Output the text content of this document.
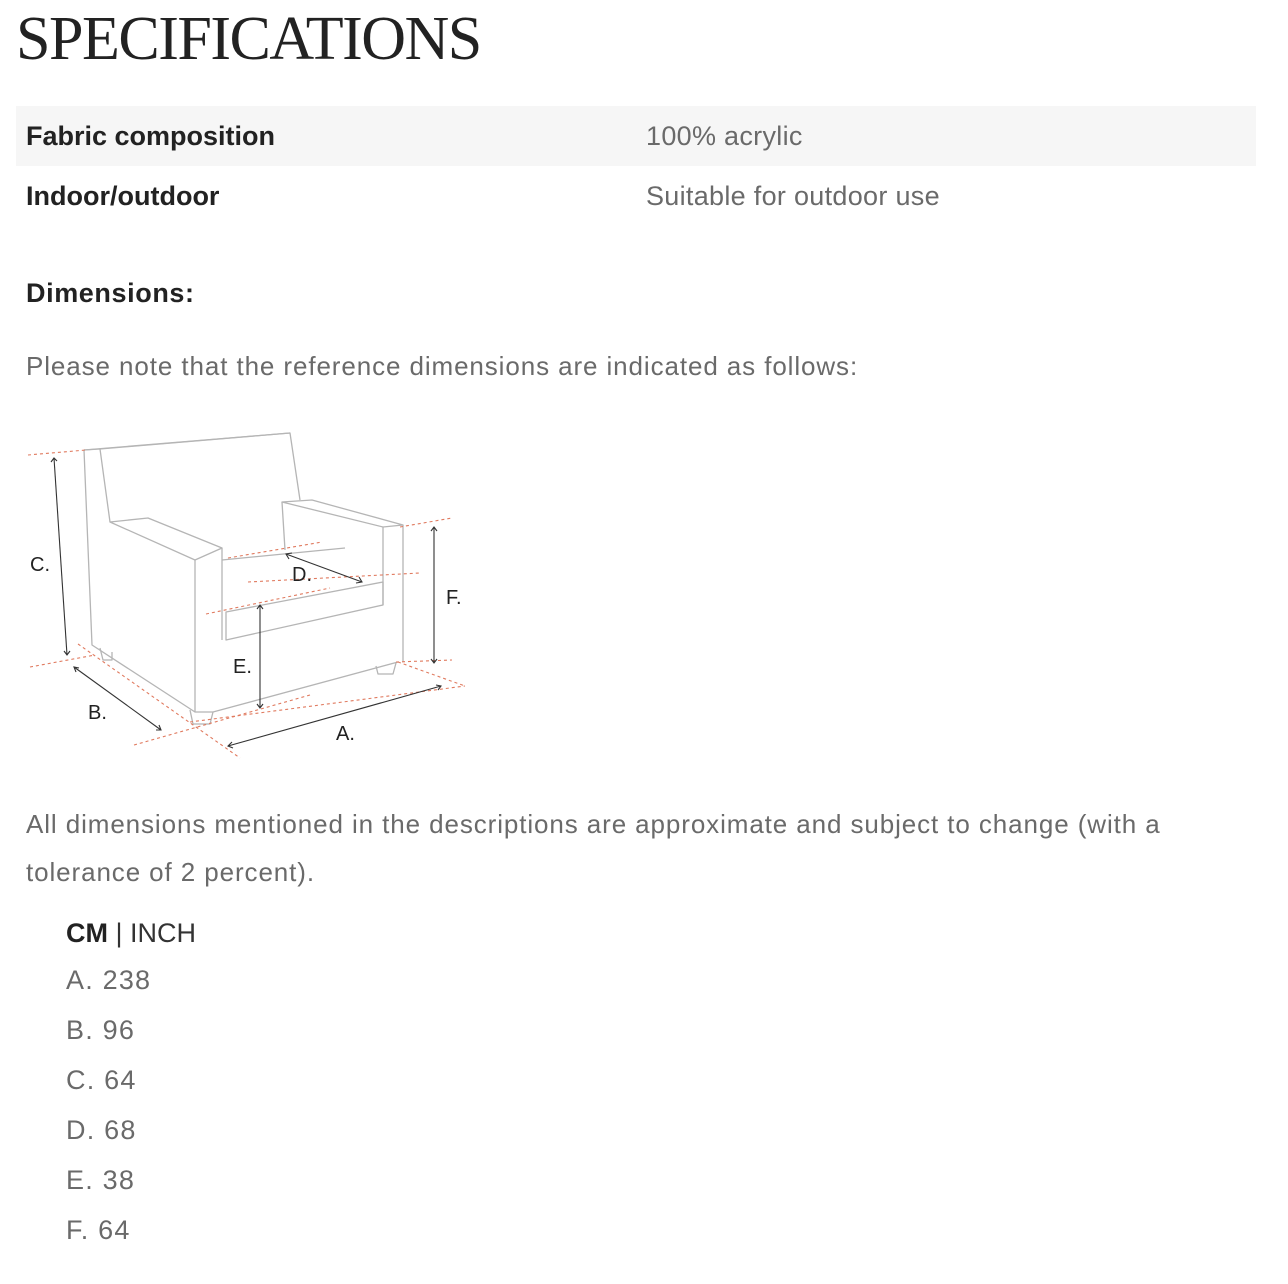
SPECIFICATIONS
Fabric composition	100% acrylic
Indoor/outdoor	Suitable for outdoor use
Dimensions:

Please note that the reference dimensions are indicated as follows:

C.
B.
A.
D.
E.
F.

All dimensions mentioned in the descriptions are approximate and subject to change (with a tolerance of 2 percent).

CM | INCH

A. 238
B. 96
C. 64
D. 68
E. 38
F. 64
